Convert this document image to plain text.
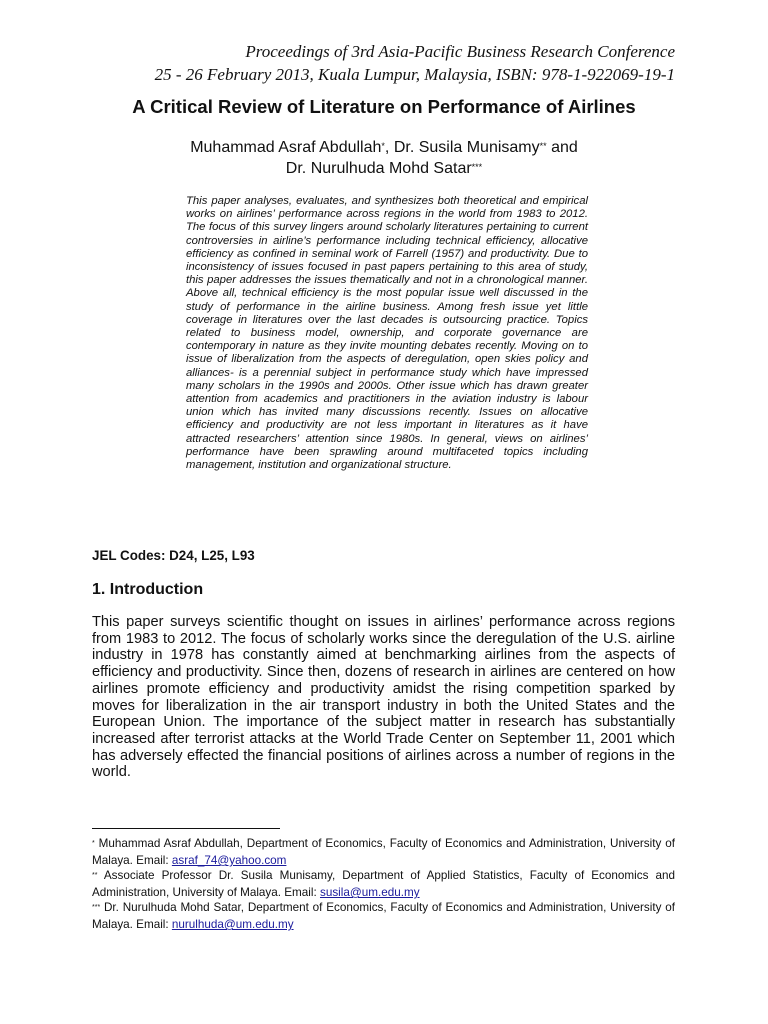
Proceedings of 3rd Asia-Pacific Business Research Conference
25 - 26 February 2013, Kuala Lumpur, Malaysia, ISBN: 978-1-922069-19-1
A Critical Review of Literature on Performance of Airlines
Muhammad Asraf Abdullah*, Dr. Susila Munisamy** and
Dr. Nurulhuda Mohd Satar***
This paper analyses, evaluates, and synthesizes both theoretical and empirical works on airlines’ performance across regions in the world from 1983 to 2012. The focus of this survey lingers around scholarly literatures pertaining to current controversies in airline’s performance including technical efficiency, allocative efficiency as confined in seminal work of Farrell (1957) and productivity. Due to inconsistency of issues focused in past papers pertaining to this area of study, this paper addresses the issues thematically and not in a chronological manner. Above all, technical efficiency is the most popular issue well discussed in the study of performance in the airline business. Among fresh issue yet little coverage in literatures over the last decades is outsourcing practice. Topics related to business model, ownership, and corporate governance are contemporary in nature as they invite mounting debates recently. Moving on to issue of liberalization from the aspects of deregulation, open skies policy and alliances- is a perennial subject in performance study which have impressed many scholars in the 1990s and 2000s. Other issue which has drawn greater attention from academics and practitioners in the aviation industry is labour union which has invited many discussions recently. Issues on allocative efficiency and productivity are not less important in literatures as it have attracted researchers’ attention since 1980s. In general, views on airlines’ performance have been sprawling around multifaceted topics including management, institution and organizational structure.
JEL Codes: D24, L25, L93
1. Introduction
This paper surveys scientific thought on issues in airlines’ performance across regions from 1983 to 2012. The focus of scholarly works since the deregulation of the U.S. airline industry in 1978 has constantly aimed at benchmarking airlines from the aspects of efficiency and productivity. Since then, dozens of research in airlines are centered on how airlines promote efficiency and productivity amidst the rising competition sparked by moves for liberalization in the air transport industry in both the United States and the European Union. The importance of the subject matter in research has substantially increased after terrorist attacks at the World Trade Center on September 11, 2001 which has adversely effected the financial positions of airlines across a number of regions in the world.

* Muhammad Asraf Abdullah, Department of Economics, Faculty of Economics and Administration, University of Malaya. Email: asraf_74@yahoo.com

** Associate Professor Dr. Susila Munisamy, Department of Applied Statistics, Faculty of Economics and Administration, University of Malaya. Email: susila@um.edu.my

*** Dr. Nurulhuda Mohd Satar, Department of Economics, Faculty of Economics and Administration, University of Malaya. Email: nurulhuda@um.edu.my
